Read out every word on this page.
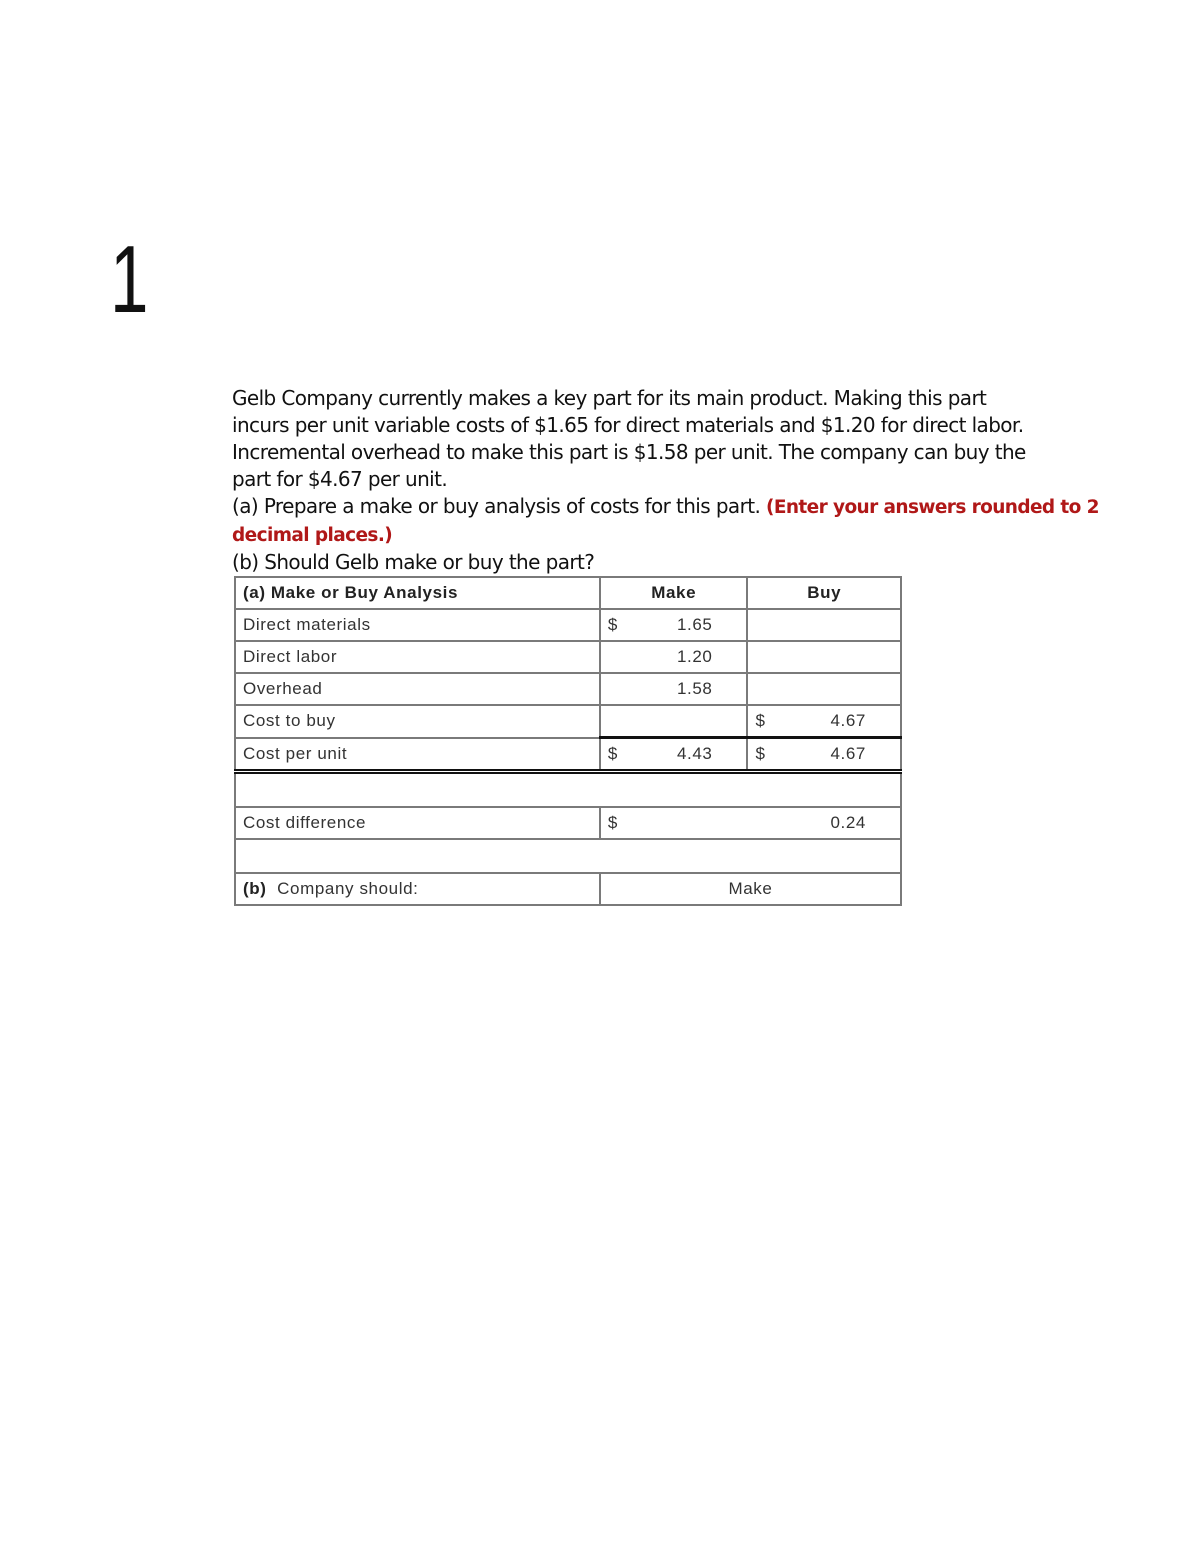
1

Gelb Company currently makes a key part for its main product. Making this part

incurs per unit variable costs of $1.65 for direct materials and $1.20 for direct labor.

Incremental overhead to make this part is $1.58 per unit. The company can buy the

part for $4.67 per unit.

(a) Prepare a make or buy analysis of costs for this part. (Enter your answers rounded to 2 decimal places.)

(b) Should Gelb make or buy the part?

(a) Make or Buy Analysis	Make	Buy
Direct materials	$ 1.65	

Direct labor	1.20	

Overhead	1.58	

Cost to buy		$ 4.67

Cost per unit	$ 4.43	$ 4.67

Cost difference	$ 0.24	

(b) Company should:	Make	
